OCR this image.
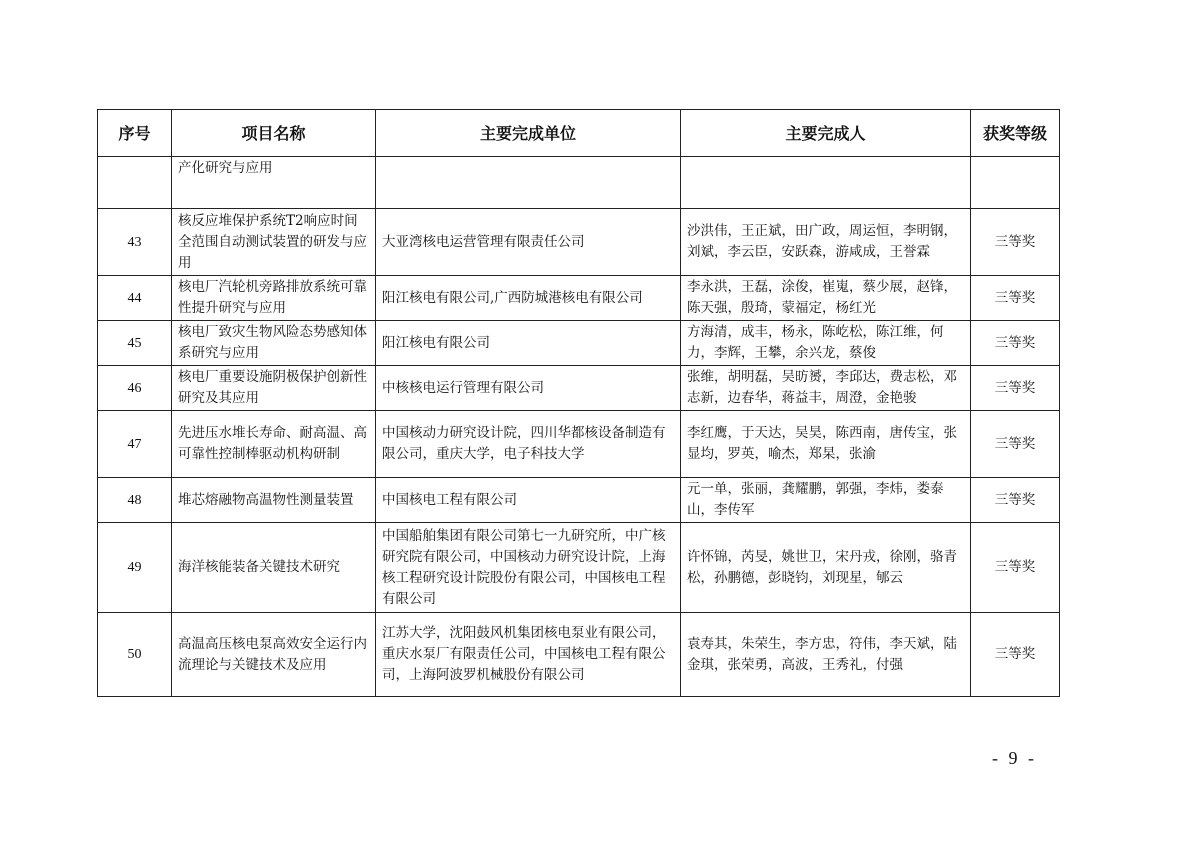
序号	项目名称	主要完成单位	主要完成人	获奖等级
	产化研究与应用			
43	核反应堆保护系统T2响应时间全范围自动测试装置的研发与应用	大亚湾核电运营管理有限责任公司	沙洪伟，王正斌，田广政，周运恒，李明钢，刘斌，李云臣，安跃森，游咸成，王誉霖	三等奖
44	核电厂汽轮机旁路排放系统可靠性提升研究与应用	阳江核电有限公司,广西防城港核电有限公司	李永洪，王磊，涂俊，崔嵬，蔡少展，赵锋，陈天强，殷琦，蒙福定，杨红光	三等奖
45	核电厂致灾生物风险态势感知体系研究与应用	阳江核电有限公司	方海清，成丰，杨永，陈屹松，陈江维，何力，李辉，王攀，余兴龙，蔡俊	三等奖
46	核电厂重要设施阴极保护创新性研究及其应用	中核核电运行管理有限公司	张维，胡明磊，吴昉赟，李邱达，费志松，邓志新，边春华，蒋益丰，周澄，金艳骏	三等奖
47	先进压水堆长寿命、耐高温、高可靠性控制棒驱动机构研制	中国核动力研究设计院，四川华都核设备制造有限公司，重庆大学，电子科技大学	李红鹰，于天达，吴昊，陈西南，唐传宝，张显均，罗英，喻杰，郑杲，张渝	三等奖
48	堆芯熔融物高温物性测量装置	中国核电工程有限公司	元一单，张丽，龚耀鹏，郭强，李炜，娄泰山，李传军	三等奖
49	海洋核能装备关键技术研究	中国船舶集团有限公司第七一九研究所，中广核研究院有限公司，中国核动力研究设计院，上海核工程研究设计院股份有限公司，中国核电工程有限公司	许怀锦，芮旻，姚世卫，宋丹戎，徐刚，骆青松，孙鹏德，彭晓钧，刘现星，郇云	三等奖
50	高温高压核电泵高效安全运行内流理论与关键技术及应用	江苏大学，沈阳鼓风机集团核电泵业有限公司，重庆水泵厂有限责任公司，中国核电工程有限公司，上海阿波罗机械股份有限公司	袁寿其，朱荣生，李方忠，符伟，李天斌，陆金琪，张荣勇，高波，王秀礼，付强	三等奖
- 9 -
